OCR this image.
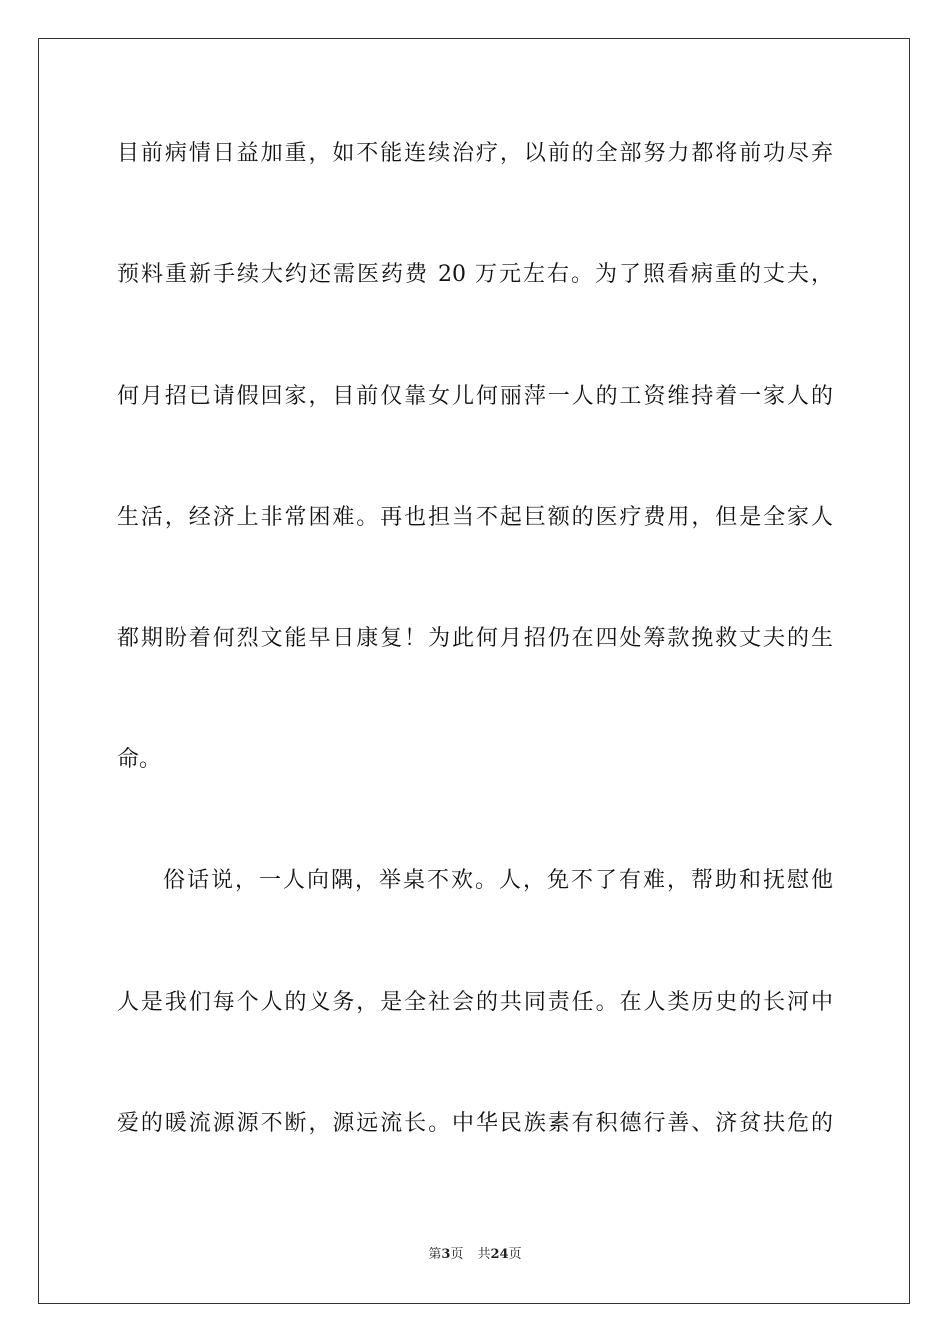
目前病情日益加重，如不能连续治疗，以前的全部努力都将前功尽弃
预料重新手续大约还需医药费 20 万元左右。为了照看病重的丈夫，
何月招已请假回家，目前仅靠女儿何丽萍一人的工资维持着一家人的
生活，经济上非常困难。再也担当不起巨额的医疗费用，但是全家人
都期盼着何烈文能早日康复！为此何月招仍在四处筹款挽救丈夫的生
命。
俗话说，一人向隅，举桌不欢。人，免不了有难，帮助和抚慰他
人是我们每个人的义务，是全社会的共同责任。在人类历史的长河中
爱的暖流源源不断，源远流长。中华民族素有积德行善、济贫扶危的
第3页 共24页
